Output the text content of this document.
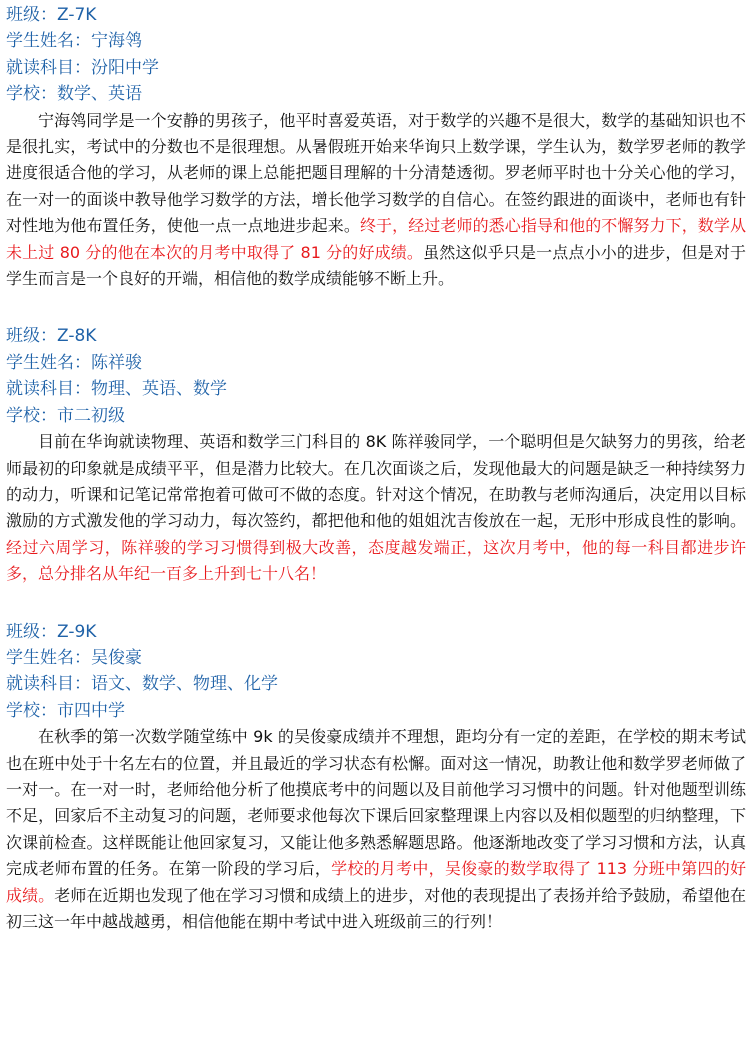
班级：Z-7K
学生姓名：宁海鸰
就读科目：汾阳中学
学校：数学、英语

宁海鸰同学是一个安静的男孩子，他平时喜爱英语，对于数学的兴趣不是很大，数学的基础知识也不是很扎实，考试中的分数也不是很理想。从暑假班开始来华询只上数学课，学生认为，数学罗老师的教学进度很适合他的学习，从老师的课上总能把题目理解的十分清楚透彻。罗老师平时也十分关心他的学习，在一对一的面谈中教导他学习数学的方法，增长他学习数学的自信心。在签约跟进的面谈中，老师也有针对性地为他布置任务，使他一点一点地进步起来。终于，经过老师的悉心指导和他的不懈努力下，数学从未上过 80 分的他在本次的月考中取得了 81 分的好成绩。虽然这似乎只是一点点小小的进步，但是对于学生而言是一个良好的开端，相信他的数学成绩能够不断上升。

班级：Z-8K
学生姓名：陈祥骏
就读科目：物理、英语、数学
学校：市二初级

目前在华询就读物理、英语和数学三门科目的 8K 陈祥骏同学，一个聪明但是欠缺努力的男孩，给老师最初的印象就是成绩平平，但是潜力比较大。在几次面谈之后，发现他最大的问题是缺乏一种持续努力的动力，听课和记笔记常常抱着可做可不做的态度。针对这个情况，在助教与老师沟通后，决定用以目标激励的方式激发他的学习动力，每次签约，都把他和他的姐姐沈吉俊放在一起，无形中形成良性的影响。经过六周学习，陈祥骏的学习习惯得到极大改善，态度越发端正，这次月考中，他的每一科目都进步许多，总分排名从年纪一百多上升到七十八名！

班级：Z-9K
学生姓名：吴俊豪
就读科目：语文、数学、物理、化学
学校：市四中学

在秋季的第一次数学随堂练中 9k 的吴俊豪成绩并不理想，距均分有一定的差距，在学校的期末考试也在班中处于十名左右的位置，并且最近的学习状态有松懈。面对这一情况，助教让他和数学罗老师做了一对一。在一对一时，老师给他分析了他摸底考中的问题以及目前他学习习惯中的问题。针对他题型训练不足，回家后不主动复习的问题，老师要求他每次下课后回家整理课上内容以及相似题型的归纳整理，下次课前检查。这样既能让他回家复习，又能让他多熟悉解题思路。他逐渐地改变了学习习惯和方法，认真完成老师布置的任务。在第一阶段的学习后，学校的月考中，吴俊豪的数学取得了 113 分班中第四的好成绩。老师在近期也发现了他在学习习惯和成绩上的进步，对他的表现提出了表扬并给予鼓励，希望他在初三这一年中越战越勇，相信他能在期中考试中进入班级前三的行列！
